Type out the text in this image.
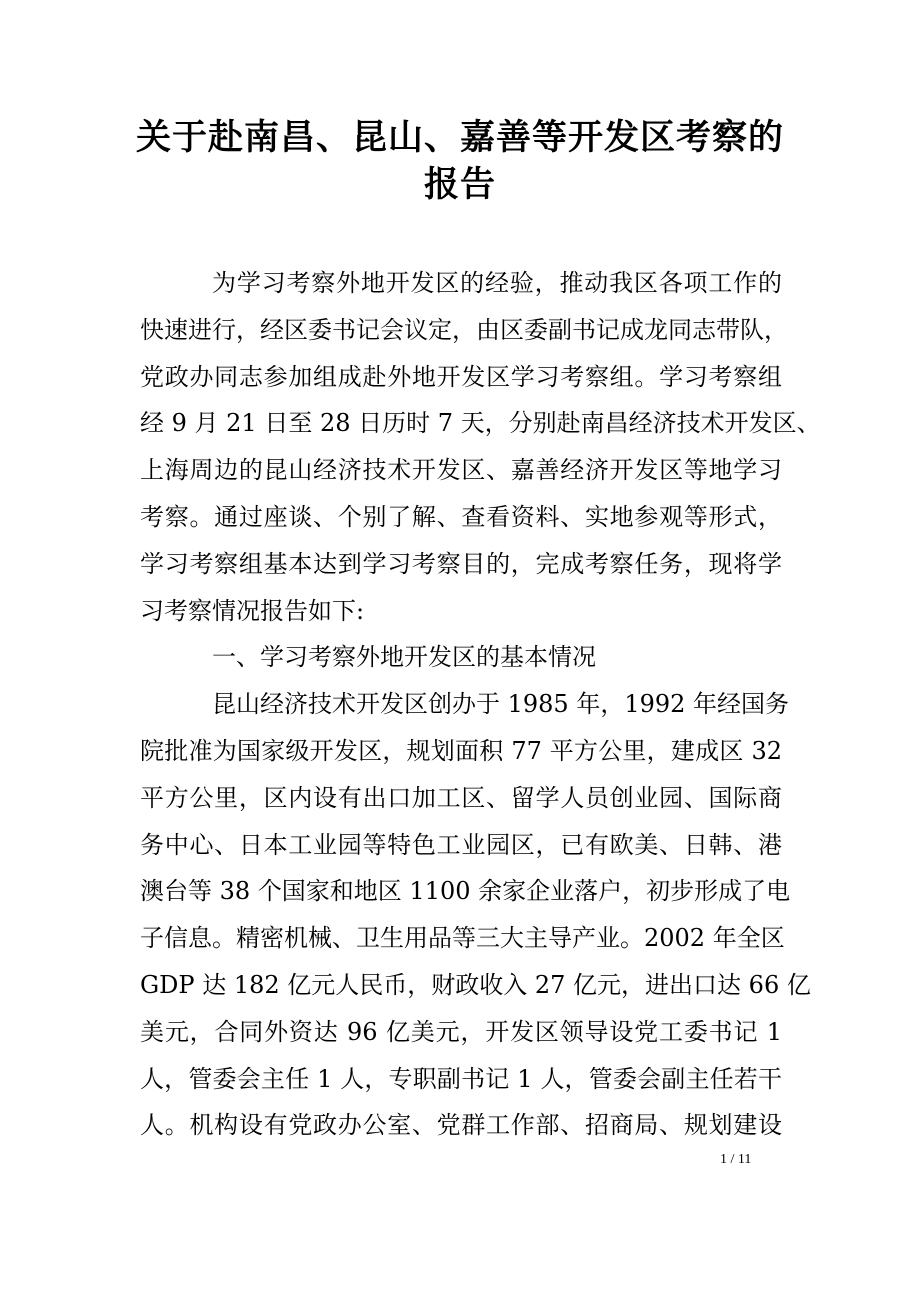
关于赴南昌、昆山、嘉善等开发区考察的
报告
为学习考察外地开发区的经验，推动我区各项工作的
快速进行，经区委书记会议定，由区委副书记成龙同志带队，
党政办同志参加组成赴外地开发区学习考察组。学习考察组
经 9 月 21 日至 28 日历时 7 天，分别赴南昌经济技术开发区、
上海周边的昆山经济技术开发区、嘉善经济开发区等地学习
考察。通过座谈、个别了解、查看资料、实地参观等形式，
学习考察组基本达到学习考察目的，完成考察任务，现将学
习考察情况报告如下:
一、学习考察外地开发区的基本情况
昆山经济技术开发区创办于 1985 年，1992 年经国务
院批准为国家级开发区，规划面积 77 平方公里，建成区 32
平方公里，区内设有出口加工区、留学人员创业园、国际商
务中心、日本工业园等特色工业园区，已有欧美、日韩、港
澳台等 38 个国家和地区 1100 余家企业落户，初步形成了电
子信息。精密机械、卫生用品等三大主导产业。2002 年全区
GDP 达 182 亿元人民币，财政收入 27 亿元，进出口达 66 亿
美元，合同外资达 96 亿美元，开发区领导设党工委书记 1
人，管委会主任 1 人，专职副书记 1 人，管委会副主任若干
人。机构设有党政办公室、党群工作部、招商局、规划建设
1 / 11
